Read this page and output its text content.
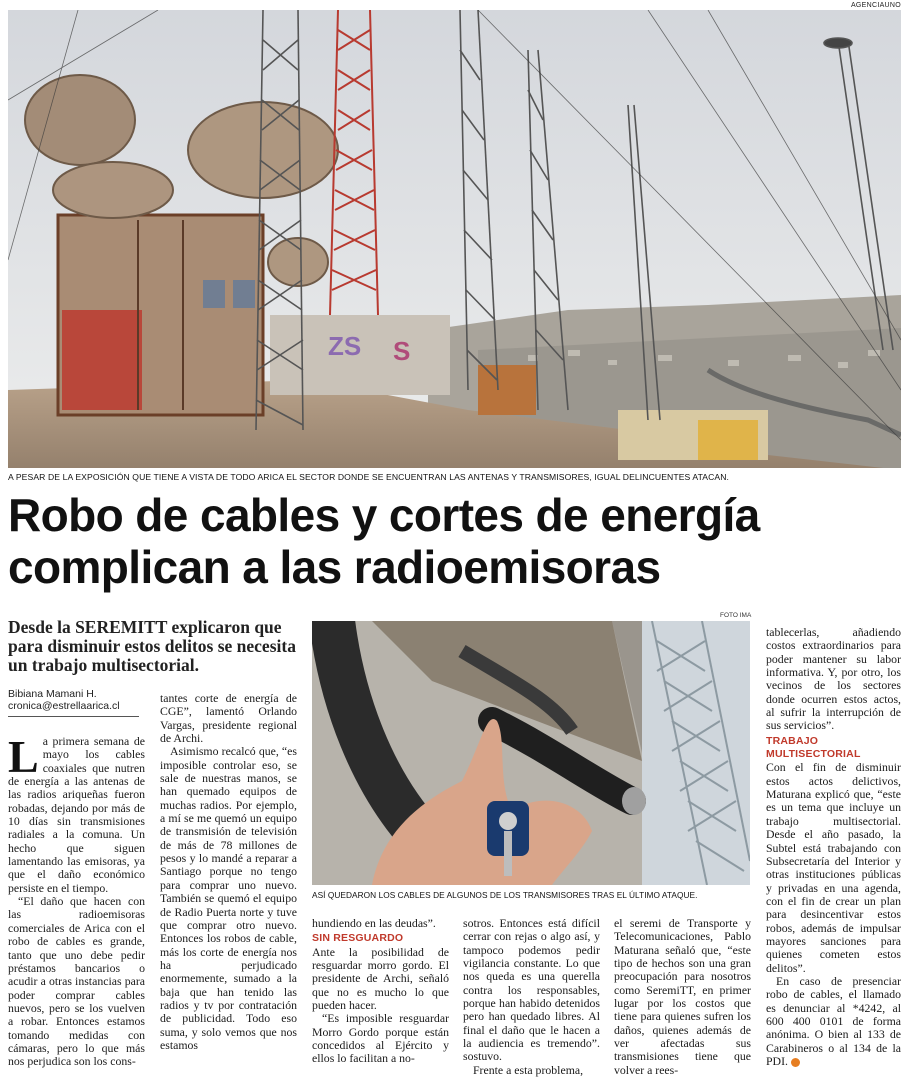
AGENCIAUNO
ZS S
A PESAR DE LA EXPOSICIÓN QUE TIENE A VISTA DE TODO ARICA EL SECTOR DONDE SE ENCUENTRAN LAS ANTENAS Y TRANSMISORES, IGUAL DELINCUENTES ATACAN.
Robo de cables y cortes de energía
complican a las radioemisoras
Desde la SEREMITT explicaron que para disminuir estos delitos se necesita un trabajo multisectorial.
Bibiana Mamani H.
cronica@estrellaarica.cl

La primera semana de mayo los cables coaxiales que nutren de energía a las antenas de las radios ariqueñas fueron robadas, dejando por más de 10 días sin transmisiones radiales a la comuna. Un hecho que siguen lamentando las emisoras, ya que el daño económico persiste en el tiempo.

“El daño que hacen con las radioemisoras comerciales de Arica con el robo de cables es grande, tanto que uno debe pedir préstamos bancarios o acudir a otras instancias para poder comprar cables nuevos, pero se los vuelven a robar. Entonces estamos tomando medidas con cámaras, pero lo que más nos perjudica son los cons-

tantes corte de energía de CGE”, lamentó Orlando Vargas, presidente regional de Archi.

Asimismo recalcó que, “es imposible controlar eso, se sale de nuestras manos, se han quemado equipos de muchas radios. Por ejemplo, a mí se me quemó un equipo de transmisión de televisión de más de 78 millones de pesos y lo mandé a reparar a Santiago porque no tengo para comprar uno nuevo. También se quemó el equipo de Radio Puerta norte y tuve que comprar otro nuevo. Entonces los robos de cable, más los corte de energía nos ha perjudicado enormemente, sumado a la baja que han tenido las radios y tv por contratación de publicidad. Todo eso suma, y solo vemos que nos estamos

FOTO IMA
ASÍ QUEDARON LOS CABLES DE ALGUNOS DE LOS TRANSMISORES TRAS EL ÚLTIMO ATAQUE.

hundiendo en las deudas”.

SIN RESGUARDO

Ante la posibilidad de resguardar morro gordo. El presidente de Archi, señaló que no es mucho lo que pueden hacer.

“Es imposible resguardar Morro Gordo porque están concedidos al Ejército y ellos lo facilitan a no-

sotros. Entonces está difícil cerrar con rejas o algo así, y tampoco podemos pedir vigilancia constante. Lo que nos queda es una querella contra los responsables, porque han habido detenidos pero han quedado libres. Al final el daño que le hacen a la audiencia es tremendo”. sostuvo.

Frente a esta problema,

el seremi de Transporte y Telecomunicaciones, Pablo Maturana señaló que, “este tipo de hechos son una gran preocupación para nosotros como SeremiTT, en primer lugar por los costos que tiene para quienes sufren los daños, quienes además de ver afectadas sus transmisiones tiene que volver a rees-

tablecerlas, añadiendo costos extraordinarios para poder mantener su labor informativa. Y, por otro, los vecinos de los sectores donde ocurren estos actos, al sufrir la interrupción de sus servicios”.

TRABAJO MULTISECTORIAL

Con el fin de disminuir estos actos delictivos, Maturana explicó que, “este es un tema que incluye un trabajo multisectorial. Desde el año pasado, la Subtel está trabajando con Subsecretaría del Interior y otras instituciones públicas y privadas en una agenda, con el fin de crear un plan para desincentivar estos robos, además de impulsar mayores sanciones para quienes cometen estos delitos”.

En caso de presenciar robo de cables, el llamado es denunciar al *4242, al 600 400 0101 de forma anónima. O bien al 133 de Carabineros o al 134 de la PDI. ●
